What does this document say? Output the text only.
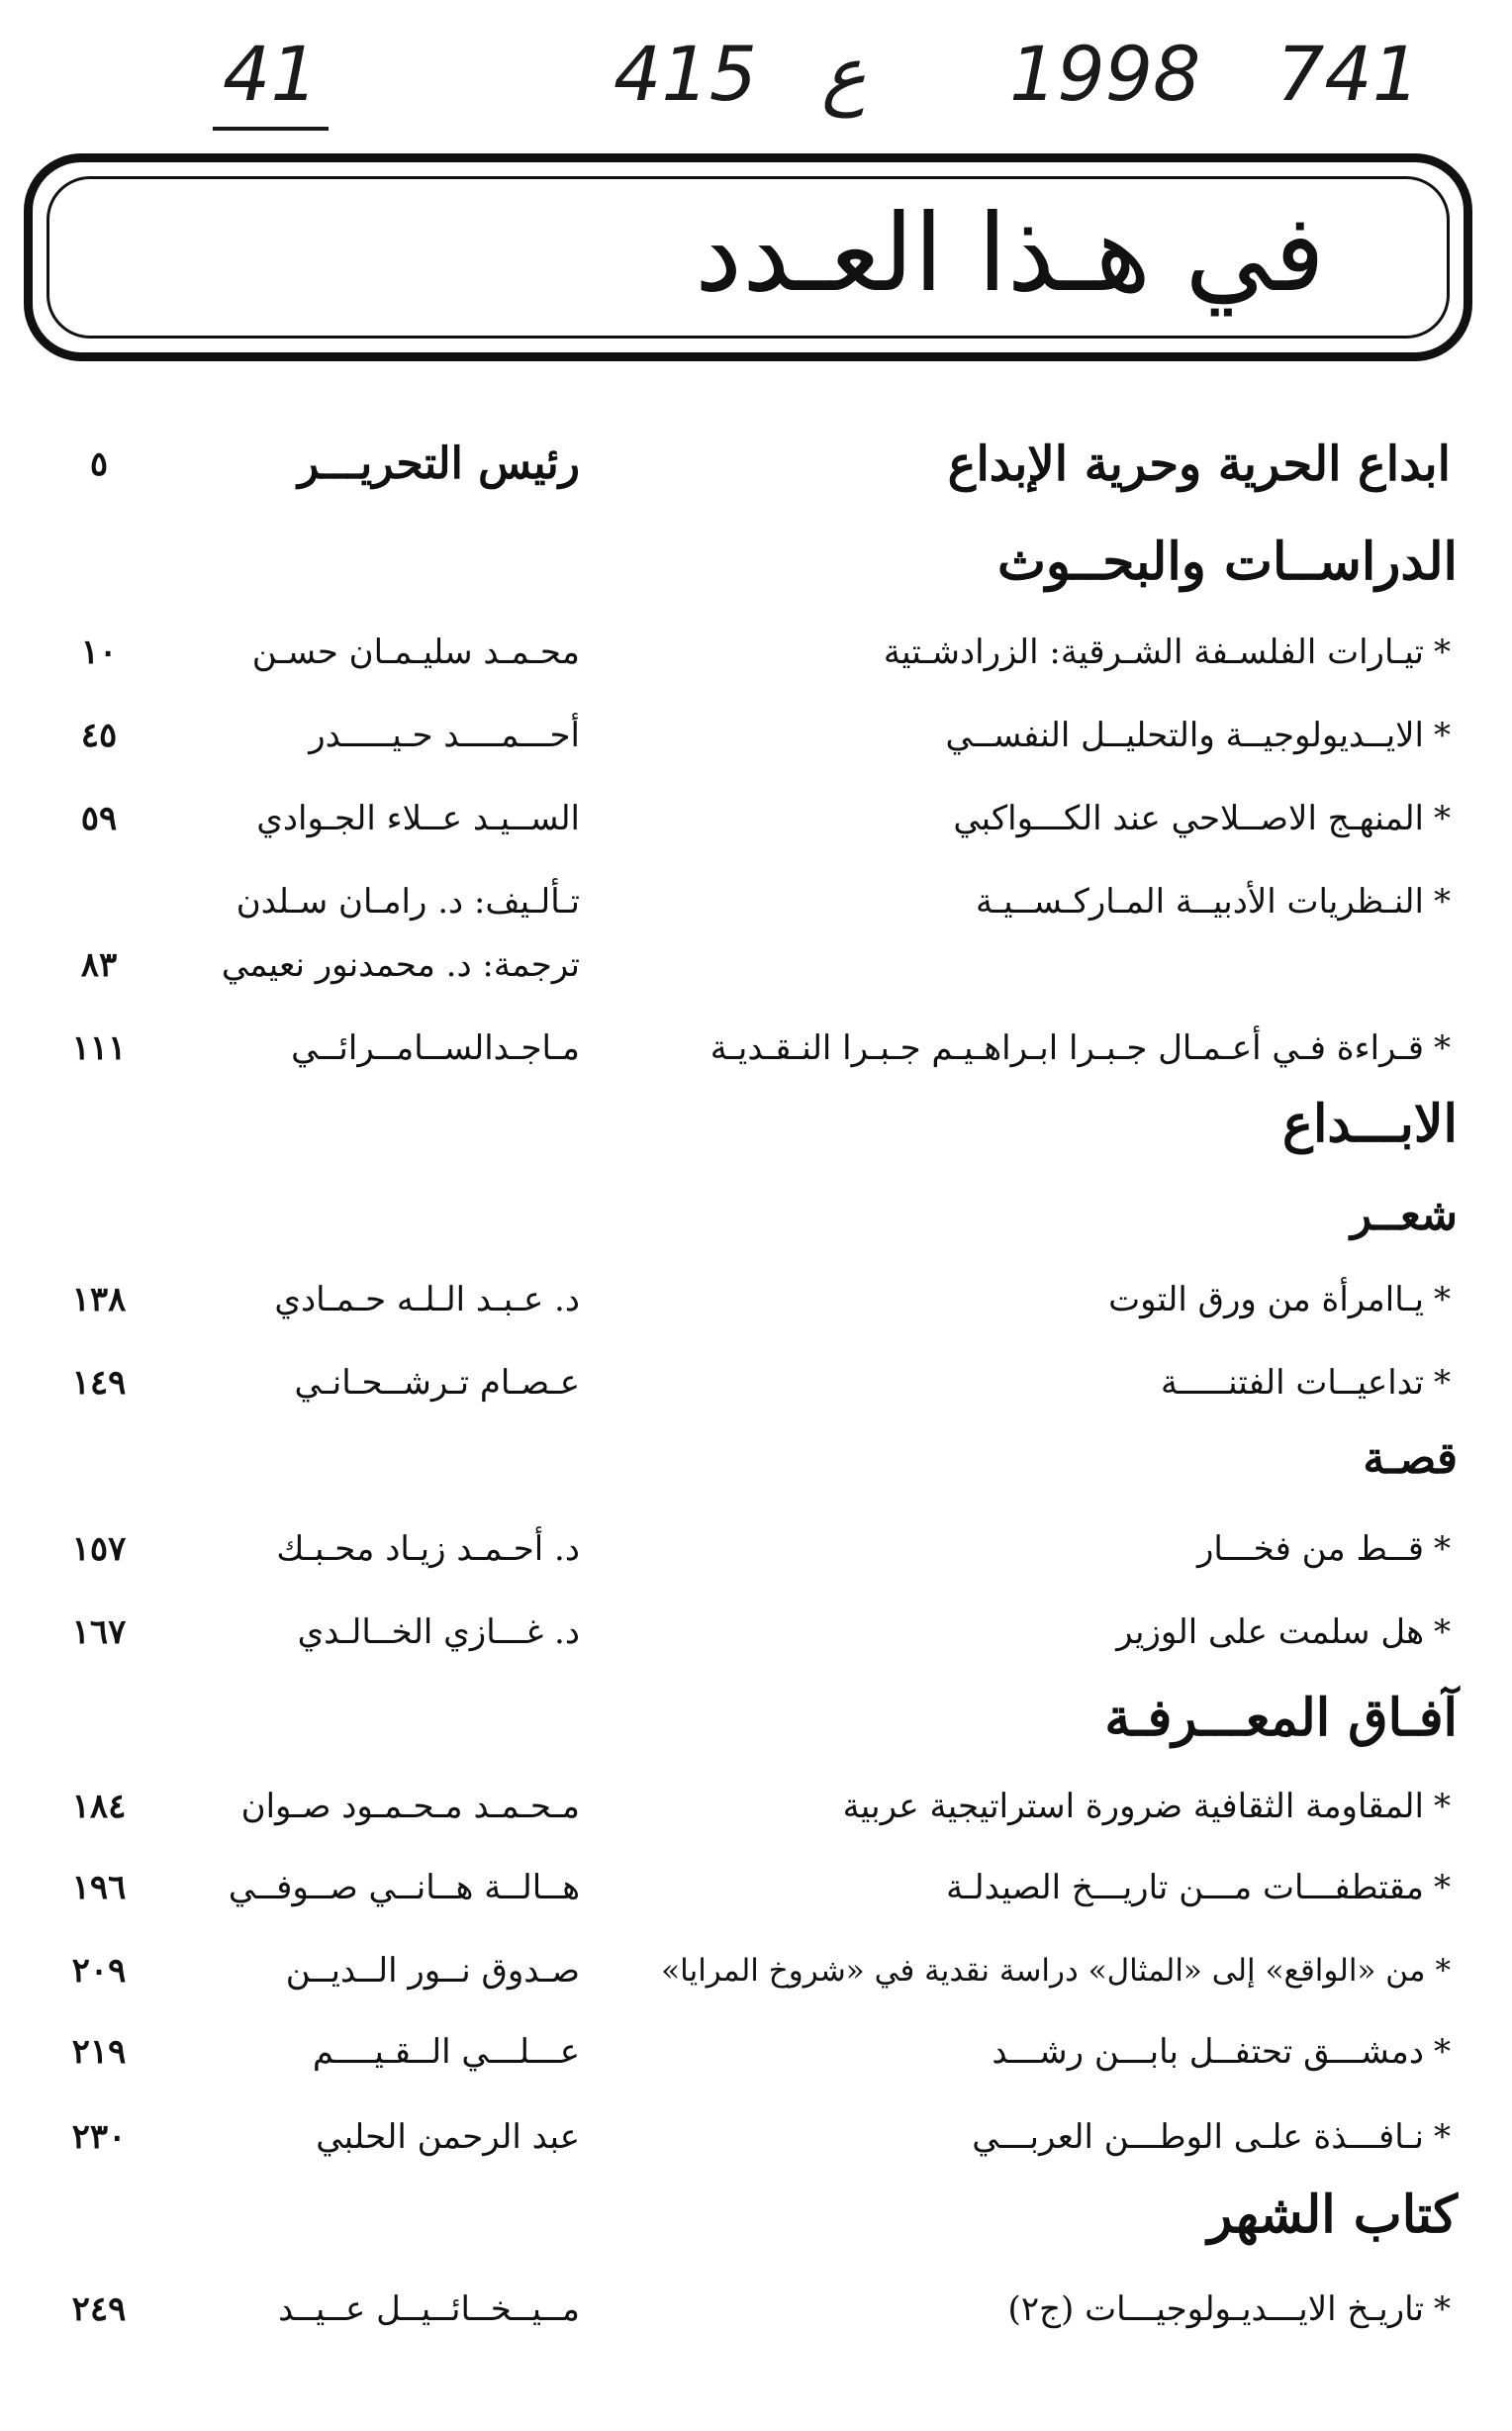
41	415 ع 1998 741
في هـذا العـدد
ابداع الحرية وحرية الإبداع
رئيس التحريـــر
٥
الدراســات والبحــوث
*تيـارات الفلسـفة الشـرقية: الزرادشـتية
محـمـد سليـمـان حسـن
١٠
*الايــديولوجيــة والتحليــل النفســي
أحـــمــــد حـيـــــدر
٤٥
*المنهـج الاصــلاحي عند الكـــواكبي
الســيـد عــلاء الجـوادي
٥٩
*النـظريات الأدبيــة المـاركـســيـة
تـألـيف: د. رامـان سـلدن
ترجمة: د. محمدنور نعيمي
٨٣
*قـراءة فـي أعـمـال جـبـرا ابـراهـيـم جـبـرا النـقـديـة
مـاجـدالســامــرائــي
١١١
الابـــداع
شعــر
*يـاامرأة من ورق التوت
د. عـبـد الـلـه حـمـادي
١٣٨
*تداعيــات الفتنـــــة
عـصـام تـرشــحـانـي
١٤٩
قصـة
*قــط من فخـــار
د. أحـمـد زيـاد محـبـك
١٥٧
*هل سلمت على الوزير
د. غـــازي الخــالـدي
١٦٧
آفـاق المعـــرفـة
*المقاومة الثقافية ضرورة استراتيجية عربية
مـحـمـد مـحـمـود صـوان
١٨٤
*مقتطفـــات مـــن تاريـــخ الصيدلـة
هــالــة هــانــي صــوفــي
١٩٦
*من «الواقع» إلى «المثال» دراسة نقدية في «شروخ المرايا»
صـدوق نــور الــديــن
٢٠٩
*دمشـــق تحتفــل بابـــن رشـــد
عـــلـــي الــقـيــــم
٢١٩
*نـافـــذة علـى الوطـــن العربـــي
عبد الرحمن الحلبي
٢٣٠
كتاب الشهر
*تاريـخ الايـــديـولوجيـــات (ج٢)
مــيــخــائــيــل عــيــد
٢٤٩
